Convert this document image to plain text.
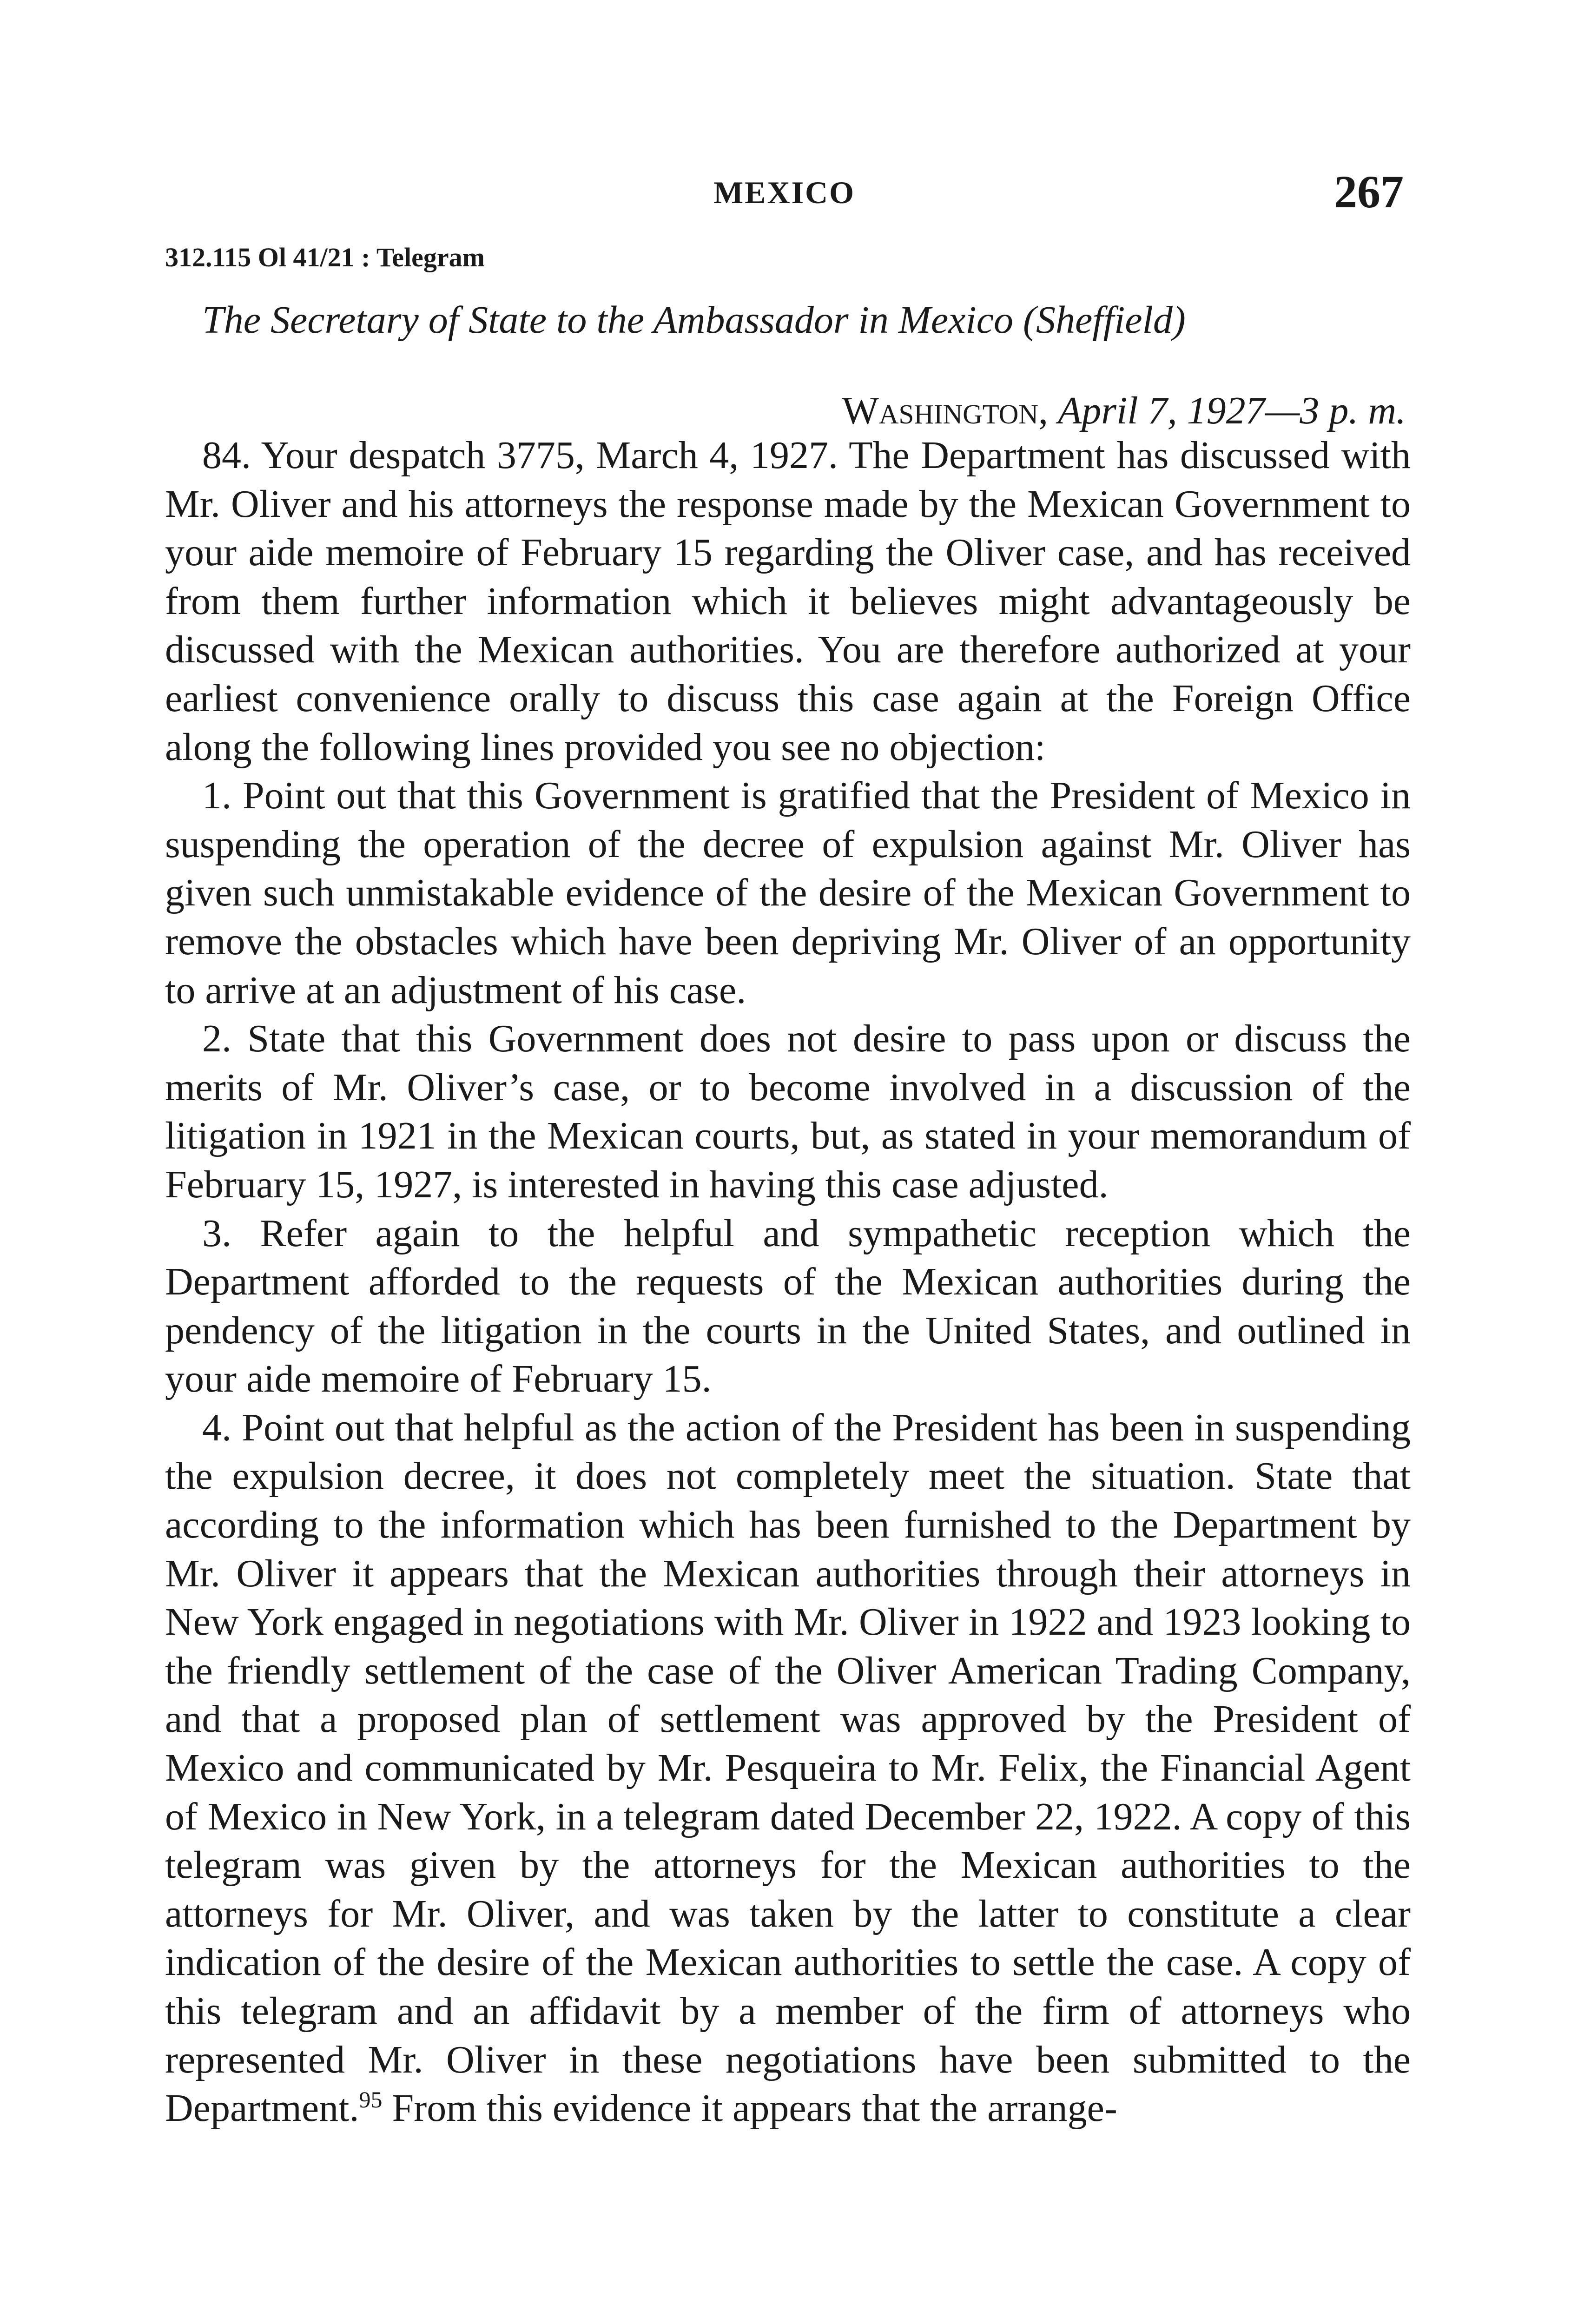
MEXICO	267
312.115 Ol 41/21 : Telegram
The Secretary of State to the Ambassador in Mexico (Sheffield)
Washington, April 7, 1927—3 p. m.

84. Your despatch 3775, March 4, 1927. The Department has discussed with Mr. Oliver and his attorneys the response made by the Mexican Government to your aide memoire of February 15 regarding the Oliver case, and has received from them further information which it believes might advantageously be discussed with the Mexican authorities. You are therefore authorized at your earliest convenience orally to discuss this case again at the Foreign Office along the following lines provided you see no objection:

1. Point out that this Government is gratified that the President of Mexico in suspending the operation of the decree of expulsion against Mr. Oliver has given such unmistakable evidence of the desire of the Mexican Government to remove the obstacles which have been depriving Mr. Oliver of an opportunity to arrive at an adjustment of his case.

2. State that this Government does not desire to pass upon or discuss the merits of Mr. Oliver’s case, or to become involved in a discussion of the litigation in 1921 in the Mexican courts, but, as stated in your memorandum of February 15, 1927, is interested in having this case adjusted.

3. Refer again to the helpful and sympathetic reception which the Department afforded to the requests of the Mexican authorities during the pendency of the litigation in the courts in the United States, and outlined in your aide memoire of February 15.

4. Point out that helpful as the action of the President has been in suspending the expulsion decree, it does not completely meet the situation. State that according to the information which has been furnished to the Department by Mr. Oliver it appears that the Mexican authorities through their attorneys in New York engaged in negotiations with Mr. Oliver in 1922 and 1923 looking to the friendly settlement of the case of the Oliver American Trading Company, and that a proposed plan of settlement was approved by the President of Mexico and communicated by Mr. Pesqueira to Mr. Felix, the Financial Agent of Mexico in New York, in a telegram dated December 22, 1922. A copy of this telegram was given by the attorneys for the Mexican authorities to the attorneys for Mr. Oliver, and was taken by the latter to constitute a clear indication of the desire of the Mexican authorities to settle the case. A copy of this telegram and an affidavit by a member of the firm of attorneys who represented Mr. Oliver in these negotiations have been submitted to the Department.$^{95}$ From this evidence it appears that the arrange-
